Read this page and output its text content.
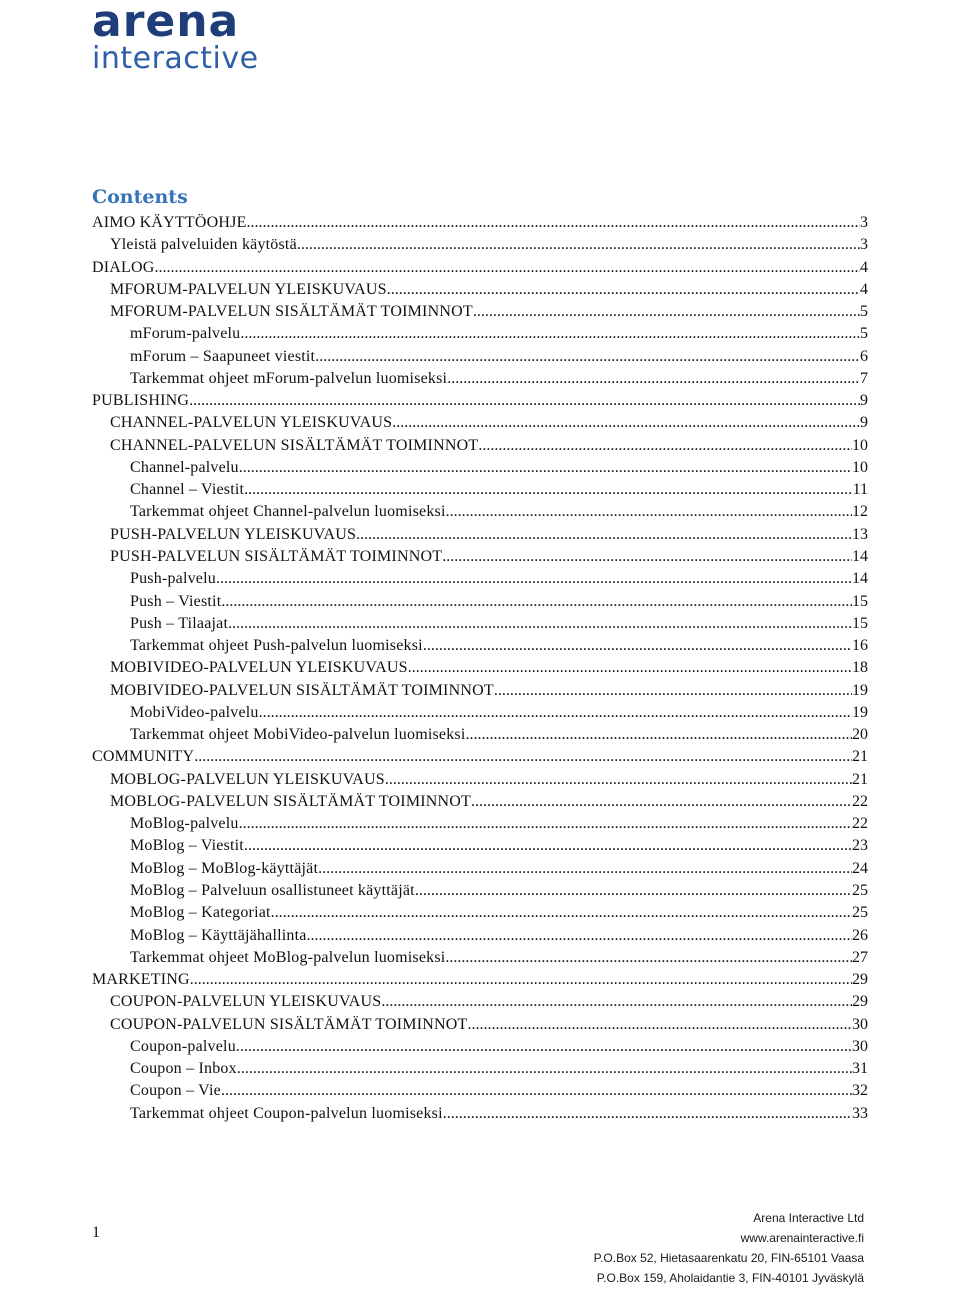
arena
interactive
Contents
AIMO KÄYTTÖOHJE .....	3
Yleistä palveluiden käytöstä .....	3
DIALOG .....	4
MFORUM-PALVELUN YLEISKUVAUS .....	4
MFORUM-PALVELUN SISÄLTÄMÄT TOIMINNOT .....	5
mForum-palvelu .....	5
mForum – Saapuneet viestit .....	6
Tarkemmat ohjeet mForum-palvelun luomiseksi .....	7
PUBLISHING .....	9
CHANNEL-PALVELUN YLEISKUVAUS .....	9
CHANNEL-PALVELUN SISÄLTÄMÄT TOIMINNOT .....	10
Channel-palvelu .....	10
Channel – Viestit .....	11
Tarkemmat ohjeet Channel-palvelun luomiseksi .....	12
PUSH-PALVELUN YLEISKUVAUS .....	13
PUSH-PALVELUN SISÄLTÄMÄT TOIMINNOT .....	14
Push-palvelu .....	14
Push – Viestit .....	15
Push – Tilaajat .....	15
Tarkemmat ohjeet Push-palvelun luomiseksi .....	16
MOBIVIDEO-PALVELUN YLEISKUVAUS .....	18
MOBIVIDEO-PALVELUN SISÄLTÄMÄT TOIMINNOT .....	19
MobiVideo-palvelu .....	19
Tarkemmat ohjeet MobiVideo-palvelun luomiseksi .....	20
COMMUNITY .....	21
MOBLOG-PALVELUN YLEISKUVAUS .....	21
MOBLOG-PALVELUN SISÄLTÄMÄT TOIMINNOT .....	22
MoBlog-palvelu .....	22
MoBlog – Viestit .....	23
MoBlog – MoBlog-käyttäjät .....	24
MoBlog – Palveluun osallistuneet käyttäjät .....	25
MoBlog – Kategoriat .....	25
MoBlog – Käyttäjähallinta .....	26
Tarkemmat ohjeet MoBlog-palvelun luomiseksi .....	27
MARKETING .....	29
COUPON-PALVELUN YLEISKUVAUS .....	29
COUPON-PALVELUN SISÄLTÄMÄT TOIMINNOT .....	30
Coupon-palvelu .....	30
Coupon – Inbox .....	31
Coupon – Vie .....	32
Tarkemmat ohjeet Coupon-palvelun luomiseksi .....	33
1
Arena Interactive Ltd
www.arenainteractive.fi
P.O.Box 52, Hietasaarenkatu 20, FIN-65101 Vaasa
P.O.Box 159, Aholaidantie 3, FIN-40101 Jyväskylä
